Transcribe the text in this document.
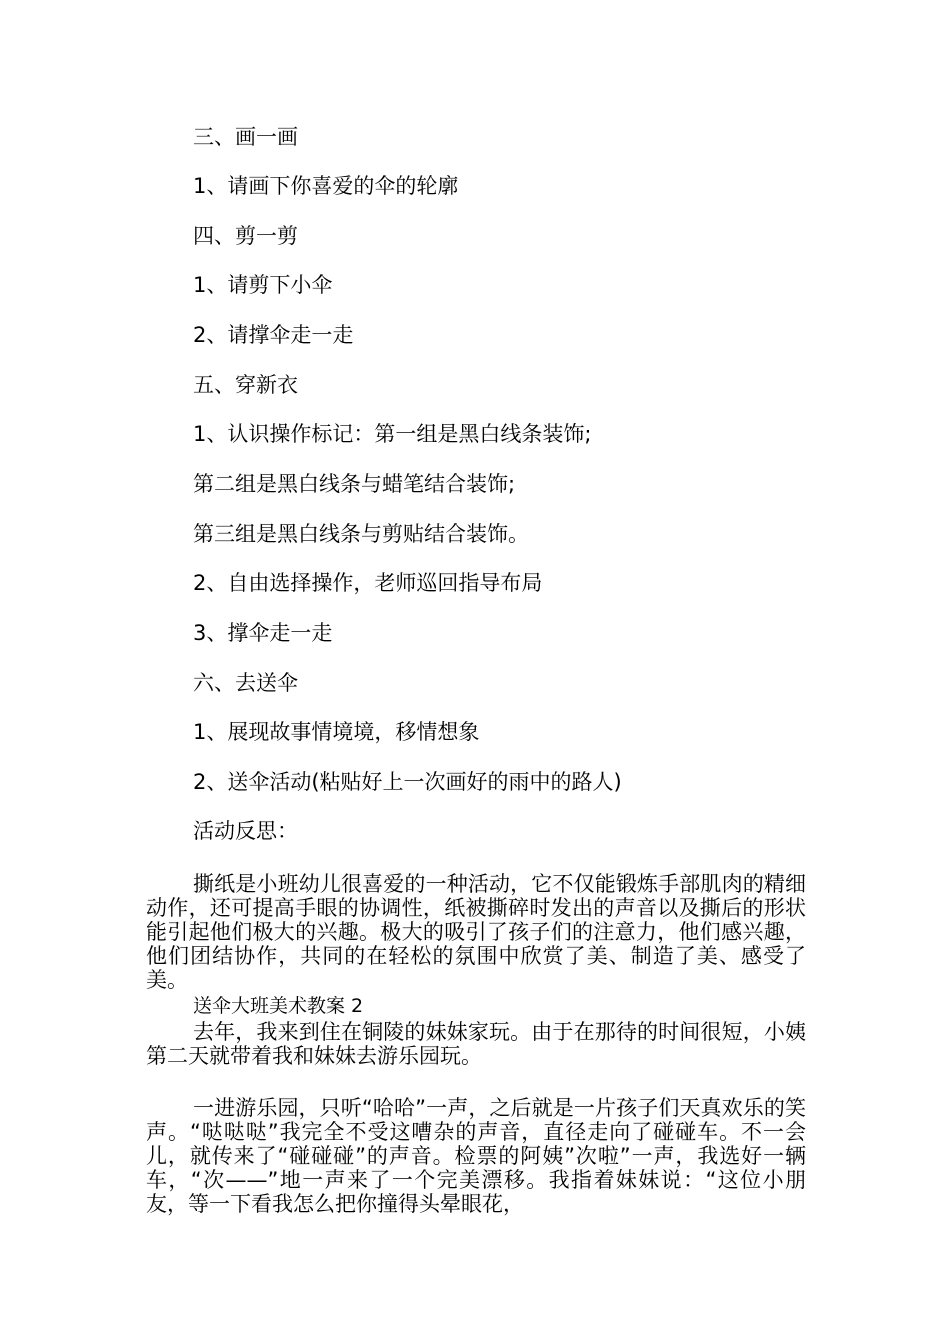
三、画一画

1、请画下你喜爱的伞的轮廓

四、剪一剪

1、请剪下小伞

2、请撑伞走一走

五、穿新衣

1、认识操作标记：第一组是黑白线条装饰;

第二组是黑白线条与蜡笔结合装饰;

第三组是黑白线条与剪贴结合装饰。

2、自由选择操作，老师巡回指导布局

3、撑伞走一走

六、去送伞

1、展现故事情境境，移情想象

2、送伞活动(粘贴好上一次画好的雨中的路人)

活动反思：

撕纸是小班幼儿很喜爱的一种活动，它不仅能锻炼手部肌肉的精细动作，还可提高手眼的协调性，纸被撕碎时发出的声音以及撕后的形状能引起他们极大的兴趣。极大的吸引了孩子们的注意力，他们感兴趣，他们团结协作，共同的在轻松的氛围中欣赏了美、制造了美、感受了美。

送伞大班美术教案 2

去年，我来到住在铜陵的妹妹家玩。由于在那待的时间很短，小姨第二天就带着我和妹妹去游乐园玩。

一进游乐园，只听“哈哈”一声，之后就是一片孩子们天真欢乐的笑声。“哒哒哒”我完全不受这嘈杂的声音，直径走向了碰碰车。不一会儿，就传来了“碰碰碰”的声音。检票的阿姨”次啦”一声，我选好一辆车，“次——”地一声来了一个完美漂移。我指着妹妹说：“这位小朋友，等一下看我怎么把你撞得头晕眼花，
